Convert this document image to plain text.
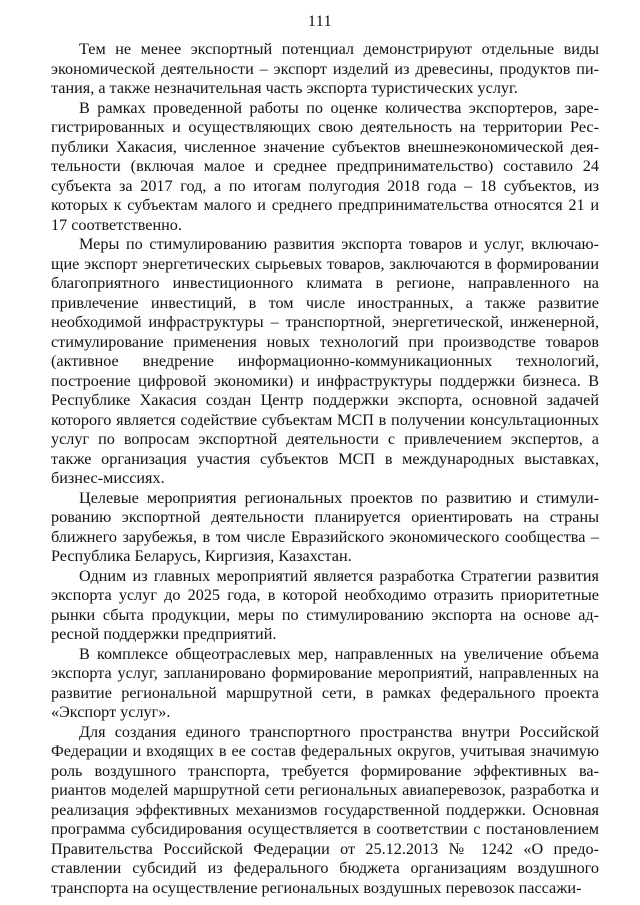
111

Тем не менее экспортный потенциал демонстрируют отдельные виды экономической деятельности – экспорт изделий из древесины, продуктов питания, а также незначительная часть экспорта туристических услуг.

В рамках проведенной работы по оценке количества экспортеров, зарегистрированных и осуществляющих свою деятельность на территории Республики Хакасия, численное значение субъектов внешнеэкономической деятельности (включая малое и среднее предпринимательство) составило 24 субъекта за 2017 год, а по итогам полугодия 2018 года – 18 субъектов, из которых к субъектам малого и среднего предпринимательства относятся 21 и 17 соответственно.

Меры по стимулированию развития экспорта товаров и услуг, включающие экспорт энергетических сырьевых товаров, заключаются в формировании благоприятного инвестиционного климата в регионе, направленного на привлечение инвестиций, в том числе иностранных, а также развитие необходимой инфраструктуры – транспортной, энергетической, инженерной, стимулирование применения новых технологий при производстве товаров (активное внедрение информационно-коммуникационных технологий, построение цифровой экономики) и инфраструктуры поддержки бизнеса. В Республике Хакасия создан Центр поддержки экспорта, основной задачей которого является содействие субъектам МСП в получении консультационных услуг по вопросам экспортной деятельности с привлечением экспертов, а также организация участия субъектов МСП в международных выставках, бизнес-миссиях.

Целевые мероприятия региональных проектов по развитию и стимулированию экспортной деятельности планируется ориентировать на страны ближнего зарубежья, в том числе Евразийского экономического сообщества – Республика Беларусь, Киргизия, Казахстан.

Одним из главных мероприятий является разработка Стратегии развития экспорта услуг до 2025 года, в которой необходимо отразить приоритетные рынки сбыта продукции, меры по стимулированию экспорта на основе адресной поддержки предприятий.

В комплексе общеотраслевых мер, направленных на увеличение объема экспорта услуг, запланировано формирование мероприятий, направленных на развитие региональной маршрутной сети, в рамках федерального проекта «Экспорт услуг».

Для создания единого транспортного пространства внутри Российской Федерации и входящих в ее состав федеральных округов, учитывая значимую роль воздушного транспорта, требуется формирование эффективных вариантов моделей маршрутной сети региональных авиаперевозок, разработка и реализация эффективных механизмов государственной поддержки. Основная программа субсидирования осуществляется в соответствии с постановлением Правительства Российской Федерации от 25.12.2013 № 1242 «О предоставлении субсидий из федерального бюджета организациям воздушного транспорта на осуществление региональных воздушных перевозок пассажи-
